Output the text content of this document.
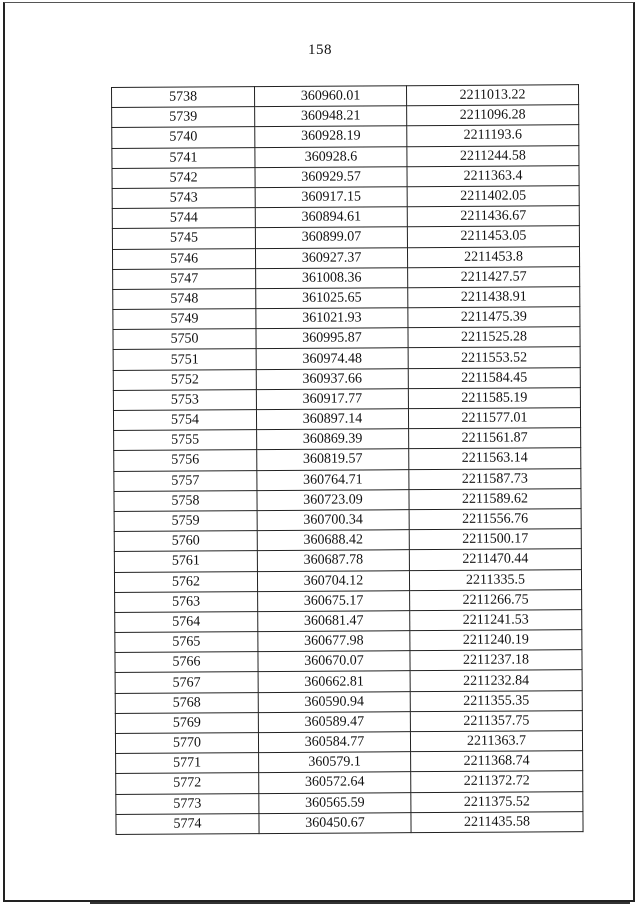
158
5738	360960.01	2211013.22
5739	360948.21	2211096.28
5740	360928.19	2211193.6
5741	360928.6	2211244.58
5742	360929.57	2211363.4
5743	360917.15	2211402.05
5744	360894.61	2211436.67
5745	360899.07	2211453.05
5746	360927.37	2211453.8
5747	361008.36	2211427.57
5748	361025.65	2211438.91
5749	361021.93	2211475.39
5750	360995.87	2211525.28
5751	360974.48	2211553.52
5752	360937.66	2211584.45
5753	360917.77	2211585.19
5754	360897.14	2211577.01
5755	360869.39	2211561.87
5756	360819.57	2211563.14
5757	360764.71	2211587.73
5758	360723.09	2211589.62
5759	360700.34	2211556.76
5760	360688.42	2211500.17
5761	360687.78	2211470.44
5762	360704.12	2211335.5
5763	360675.17	2211266.75
5764	360681.47	2211241.53
5765	360677.98	2211240.19
5766	360670.07	2211237.18
5767	360662.81	2211232.84
5768	360590.94	2211355.35
5769	360589.47	2211357.75
5770	360584.77	2211363.7
5771	360579.1	2211368.74
5772	360572.64	2211372.72
5773	360565.59	2211375.52
5774	360450.67	2211435.58
